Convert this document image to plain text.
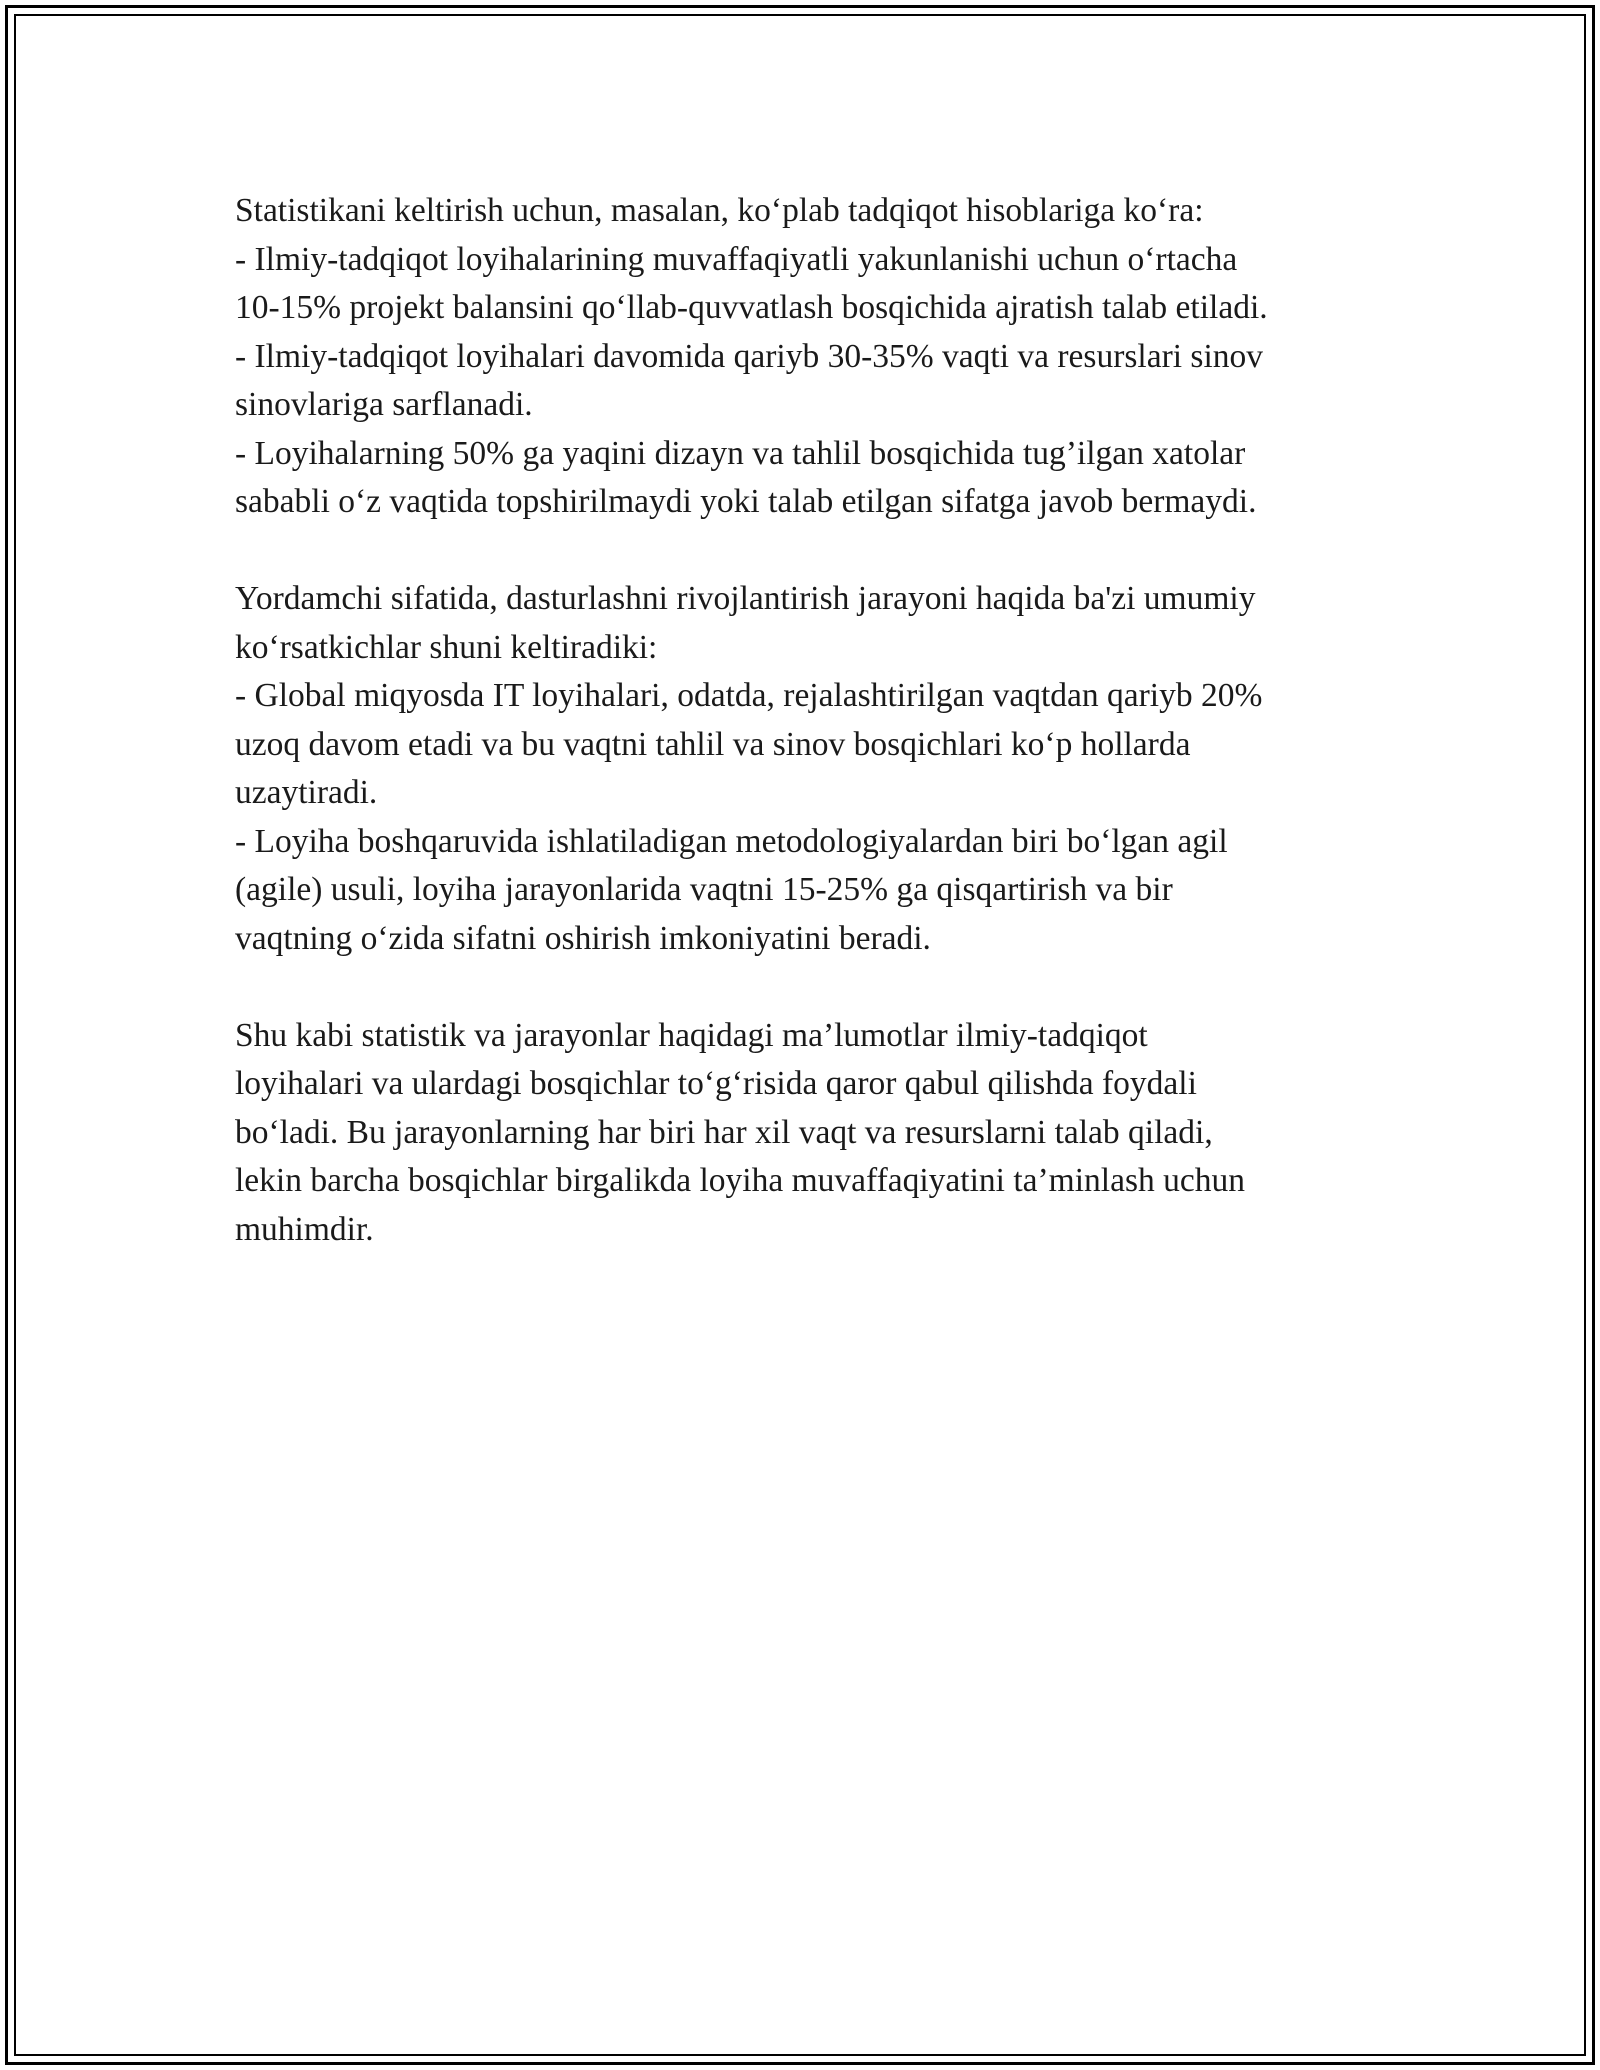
Statistikani keltirish uchun, masalan, ko‘plab tadqiqot hisoblariga ko‘ra:
- Ilmiy-tadqiqot loyihalarining muvaffaqiyatli yakunlanishi uchun o‘rtacha
10-15% projekt balansini qo‘llab-quvvatlash bosqichida ajratish talab etiladi.
- Ilmiy-tadqiqot loyihalari davomida qariyb 30-35% vaqti va resurslari sinov
sinovlariga sarflanadi.
- Loyihalarning 50% ga yaqini dizayn va tahlil bosqichida tug’ilgan xatolar
sababli o‘z vaqtida topshirilmaydi yoki talab etilgan sifatga javob bermaydi.

Yordamchi sifatida, dasturlashni rivojlantirish jarayoni haqida ba'zi umumiy
ko‘rsatkichlar shuni keltiradiki:
- Global miqyosda IT loyihalari, odatda, rejalashtirilgan vaqtdan qariyb 20%
uzoq davom etadi va bu vaqtni tahlil va sinov bosqichlari ko‘p hollarda
uzaytiradi.
- Loyiha boshqaruvida ishlatiladigan metodologiyalardan biri bo‘lgan agil
(agile) usuli, loyiha jarayonlarida vaqtni 15-25% ga qisqartirish va bir
vaqtning o‘zida sifatni oshirish imkoniyatini beradi.

Shu kabi statistik va jarayonlar haqidagi ma’lumotlar ilmiy-tadqiqot
loyihalari va ulardagi bosqichlar to‘g‘risida qaror qabul qilishda foydali
bo‘ladi. Bu jarayonlarning har biri har xil vaqt va resurslarni talab qiladi,
lekin barcha bosqichlar birgalikda loyiha muvaffaqiyatini ta’minlash uchun
muhimdir.
